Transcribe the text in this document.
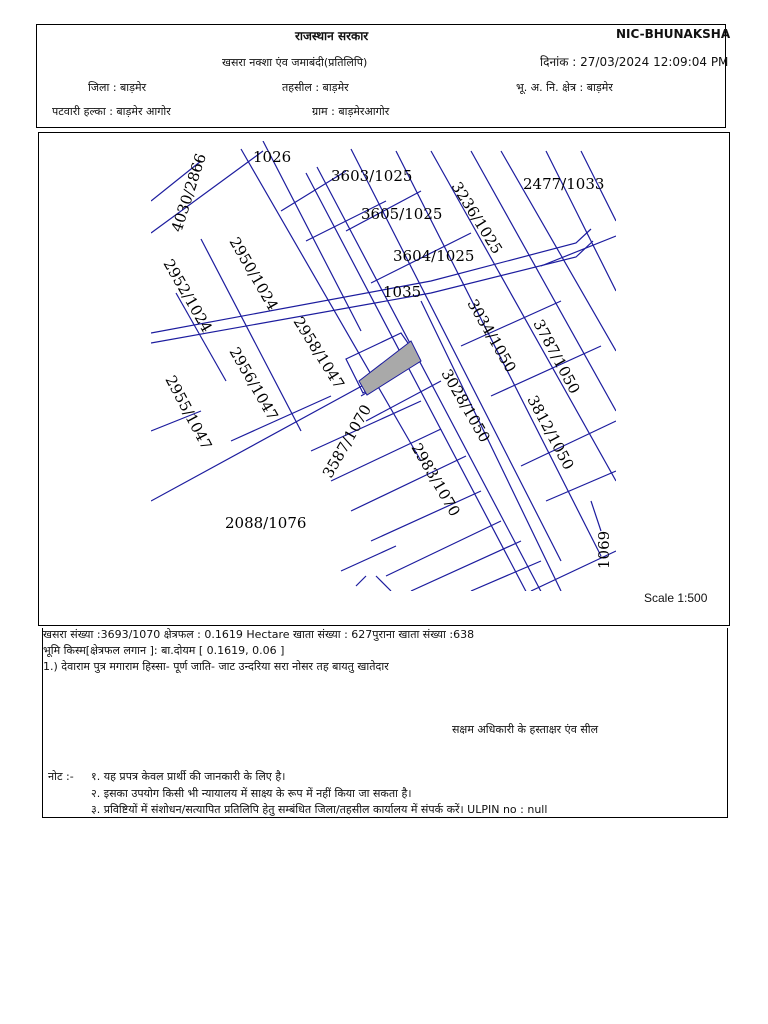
राजस्थान सरकार	NIC-BHUNAKSHA
खसरा नक्शा एंव जमाबंदी(प्रतिलिपि)	दिनांक : 27/03/2024 12:09:04 PM
जिला : बाड़मेर	तहसील : बाड़मेर	भू. अ. नि. क्षेत्र : बाड़मेर
पटवारी हल्का : बाड़मेर आगोर	ग्राम : बाड़मेरआगोर
1026
4030/2866	3603/1025
3236/1025 2477/1033
3605/1025
2950/1024	3604/1025
2952/1024	1035
3034/1050 3787/1050
2958/1047
2956/1047
2955/1047	3028/1050 3812/1050
3587/1070 2983/1070
2088/1076
1069
Scale 1:500
खसरा संख्या :3693/1070 क्षेत्रफल : 0.1619 Hectare खाता संख्या : 627पुराना खाता संख्या :638
भूमि किस्म[क्षेत्रफल लगान ]: बा.दोयम [ 0.1619, 0.06 ]
1.) देवाराम पुत्र मगाराम हिस्सा- पूर्ण जाति- जाट उन्दरिया सरा नोसर तह बायतु खातेदार
सक्षम अधिकारी के हस्ताक्षर एंव सील
नोट :- १. यह प्रपत्र केवल प्रार्थी की जानकारी के लिए है।
२. इसका उपयोग किसी भी न्यायालय में साक्ष्य के रूप में नहीं किया जा सकता है।
३. प्रविष्टियों में संशोधन/सत्यापित प्रतिलिपि हेतु सम्बंधित जिला/तहसील कार्यालय में संपर्क करें। ULPIN no : null
